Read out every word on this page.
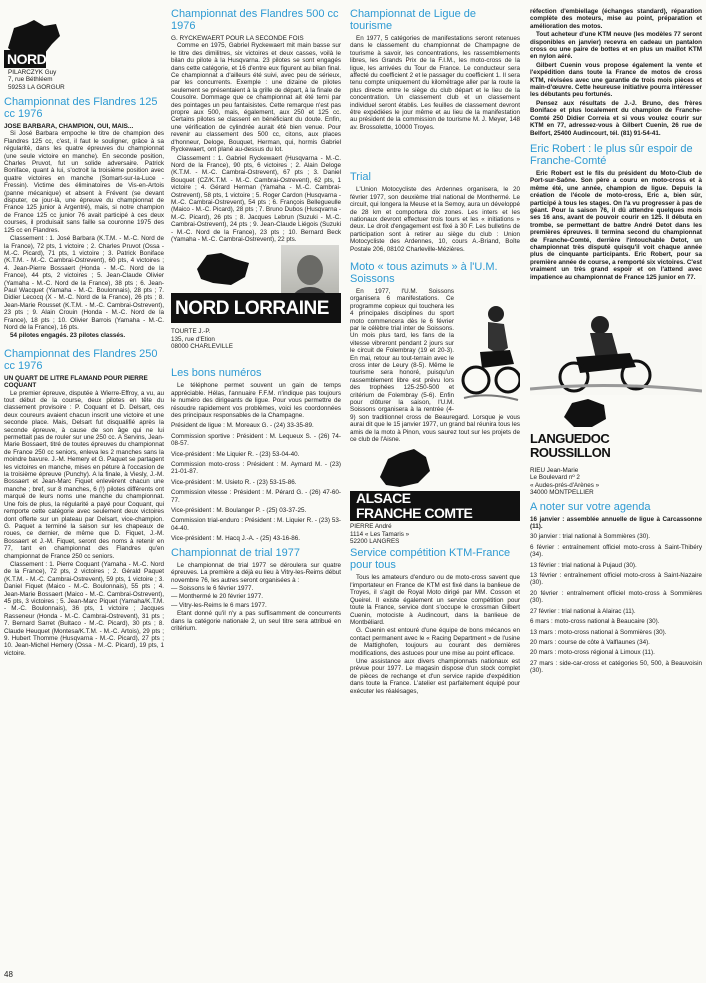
NORD
PILARCZYK Guy
7, rue Béthléem
59253 LA GORGUR
Championnat des Flandres 125 cc 1976
JOSE BARBARA, CHAMPION, OUI, MAIS...

Si José Barbara empoche le titre de champion des Flandres 125 cc, c'est, il faut le souligner, grâce à sa régularité, dans les quatre épreuves du championnat (une seule victoire en manche). En seconde position, Charles Pruvot, fut un solide adversaire. Patrick Boniface, quant à lui, s'octroit la troisième position avec quatre victoires en manche (Somart-sur-la-Luce - Fressin). Victime des éliminatoires de Vis-en-Artois (panne mécanique) et absent à Frévent (se devant disputer, ce jour-là, une épreuve du championnat de France 125 junior à Argentré), mais, si notre champion de France 125 cc junior 76 avait participé à ces deux courses, il produisait sans faille sa couronne 1975 des 125 cc en Flandres.

Classement : 1. José Barbara (K.T.M. - M.-C. Nord de la France), 72 pts, 1 victoire ; 2. Charles Pruvot (Ossa - M.-C. Picard), 71 pts, 1 victoire ; 3. Patrick Boniface (K.T.M. - M.-C. Cambrai-Ostrevent), 60 pts, 4 victoires ; 4. Jean-Pierre Bossaert (Honda - M.-C. Nord de la France), 44 pts, 2 victoires ; 5. Jean-Claude Olivier (Yamaha - M.-C. Nord de la France), 38 pts ; 6. Jean-Paul Wacquet (Yamaha - M.-C. Boulonnais), 28 pts ; 7. Didier Lecocq (X - M.-C. Nord de la France), 26 pts ; 8. Jean-Marie Rousset (K.T.M. - M.-C. Cambrai-Ostrevent), 23 pts ; 9. Alain Crouin (Honda - M.-C. Nord de la France), 18 pts ; 10. Olivier Barrois (Yamaha - M.-C. Nord de la France), 16 pts.

54 pilotes engagés. 23 pilotes classés.

Championnat des Flandres 250 cc 1976
UN QUART DE LITRE FLAMAND POUR PIERRE COQUANT

Le premier épreuve, disputée à Wierre-Effroy, a vu, au tout début de la course, deux pilotes en tête du classement provisoire : P. Coquant et D. Delsart, ces deux coureurs avaient chacun inscrit une victoire et une seconde place. Mais, Delsart fut disqualifié après la seconde épreuve, à cause de son âge qui ne lui permettait pas de rouler sur une 250 cc. A Servins, Jean-Marie Bossaert, titré de toutes épreuves du championnat de France 250 cc seniors, enleva les 2 manches sans la moindre bavure. J.-M. Hemery et G. Paquet se partagent les victoires en manche, mises en péture à l'occasion de la troisième épreuve (Punchy). A la finale, à Viesly, J.-M. Bossaert et Jean-Marc Fiquet enlevèrent chacun une manche ; bref, sur 8 manches, 6 (!) pilotes différents ont marqué de leurs noms une manche du championnat. Une fois de plus, la régularité a payé pour Coquant, qui remporte cette catégorie avec seulement deux victoires dont offerte sur un plateau par Delsart, vice-champion. G. Paquet a terminé la saison sur les chapeaux de roues, ce dernier, de même que D. Fiquet, J.-M. Bossaert et J.-M. Fiquet, seront des noms à retenir en 77, tant en championnat des Flandres qu'en championnat de France 250 cc seniors.

Classement : 1. Pierre Coquant (Yamaha - M.-C. Nord de la France), 72 pts, 2 victoires ; 2. Gérald Paquet (K.T.M. - M.-C. Cambrai-Ostrevent), 59 pts, 1 victoire ; 3. Daniel Fiquet (Maico - M.-C. Boulonnais), 55 pts ; 4. Jean-Marie Bossaert (Maico - M.-C. Cambrai-Ostrevent), 45 pts, 3 victoires ; 5. Jean-Marc Piquet (Yamaha/K.T.M. - M.-C. Boulonnais), 36 pts, 1 victoire ; Jacques Rasseneur (Honda - M.-C. Cambrai-Ostrevent), 31 pts ; 7. Bernard Sarret (Bultaco - M.-C. Picard), 30 pts ; 8. Claude Heuquet (Montesa/K.T.M. - M.-C. Artois), 29 pts ; 9. Hubert Thomme (Husqvarna - M.-C. Picard), 27 pts ; 10. Jean-Michel Hemery (Ossa - M.-C. Picard), 19 pts, 1 victoire.

Championnat des Flandres 500 cc 1976
G. RYCKEWAERT POUR LA SECONDE FOIS

Comme en 1975, Gabriel Ryckewaert mit main basse sur le titre des dimilitres, six victoires et deux casses, voilà le bilan du pilote à la Husqvarna. 23 pilotes se sont engagés dans cette catégorie, et 16 d'entre eux figurent au bilan final. Ce championnat a d'ailleurs été suivi, avec peu de sérieux, par les concurrents. Exemple : une dizaine de pilotes seulement se présentaient à la grille de départ, à la finale de Cousolre. Dommage que ce championnat ait été terni par des pointages un peu fantaisistes. Cette remarque n'est pas propre aux 500, mais, également, aux 250 et 125 cc. Certains pilotes se classent en bénéficiant du doute. Enfin, une vérification de cylindrée aurait été bien venue. Pour revenir au classement des 500 cc, citons, aux places d'honneur, Deloge, Bouquet, Herman, qui, hormis Gabriel Ryckewaert, ont plané au-dessus du lot.

Classement : 1. Gabriel Ryckewaert (Husqvarna - M.-C. Nord de la France), 90 pts, 6 victoires ; 2. Alain Deloge (K.T.M. - M.-C. Cambrai-Ostrevent), 67 pts ; 3. Daniel Bouquet (CZ/K.T.M. - M.-C. Cambrai-Ostrevent), 62 pts, 1 victoire ; 4. Gérard Herman (Yamaha - M.-C. Cambrai-Ostrevent), 58 pts, 1 victoire ; 5. Roger Cardon (Husqvarna - M.-C. Cambrai-Ostrevent), 54 pts ; 6. François Bellegueulle (Maico - M.-C. Picard), 28 pts ; 7. Bruno Dubos (Husqvarna - M.-C. Picard), 26 pts ; 8. Jacques Lebrun (Suzuki - M.-C. Cambrai-Ostrevent), 24 pts ; 9. Jean-Claude Liégois (Suzuki - M.-C. Nord de la France), 23 pts ; 10. Bernard Beck (Yamaha - M.-C. Cambrai-Ostrevent), 22 pts.

NORD LORRAINE
TOURTE J.-P.
135, rue d'Etion
08000 CHARLEVILLE
Les bons numéros

Le téléphone permet souvent un gain de temps appréciable. Hélas, l'annuaire F.F.M. n'indique pas toujours le numéro des dirigeants de ligue. Pour vous permettre de résoudre rapidement vos problèmes, voici les coordonnées des principaux responsables de la Champagne.

Président de ligue : M. Moreaux G. - (24) 33-35-89.

Commission sportive : Président : M. Lequeux S. - (26) 74-08-57.

Vice-président : Me Liquier R. - (23) 53-04-40.

Commission moto-cross : Président : M. Aymard M. - (23) 21-01-87.

Vice-président : M. Usieto R. - (23) 53-15-86.

Commission vitesse : Président : M. Pérard G. - (26) 47-60-77.

Vice-président : M. Boulanger P. - (25) 03-37-25.

Commission trial-enduro : Président : M. Liquier R. - (23) 53-04-40.

Vice-président : M. Hacq J.-A. - (25) 43-16-86.

Championnat de trial 1977

Le championnat de trial 1977 se déroulera sur quatre épreuves. La première a déjà eu lieu à Vitry-les-Reims début novembre 76, les autres seront organisées à :

— Soissons le 6 février 1977.

— Monthermé le 20 février 1977.

— Vitry-les-Reims le 6 mars 1977.

Etant donné qu'il n'y a pas suffisamment de concurrents dans la catégorie nationale 2, un seul titre sera attribué en critérium.

Championnat de Ligue de tourisme

En 1977, 5 catégories de manifestations seront retenues dans le classement du championnat de Champagne de tourisme à savoir, les concentrations, les rassemblements libres, les Grands Prix de la F.I.M., les moto-cross de la ligue, les arrivées du Tour de France. Le conducteur sera affecté du coefficient 2 et le passager du coefficient 1. Il sera tenu compte uniquement du kilométrage aller par la route la plus directe entre le siège du club départ et le lieu de la concentration. Un classement club et un classement individuel seront établis. Les feuilles de classement devront être expédiées le jour même et au lieu de la manifestation au président de la commission de tourisme M. J. Meyer, 148 av. Brossolette, 10000 Troyes.

Trial

L'Union Motocycliste des Ardennes organisera, le 20 février 1977, son deuxième trial national de Monthermé. Le circuit, qui longera la Meuse et la Semoy, aura un développé de 28 km et comportera dix zones. Les inters et les nationaux devront effectuer trois tours et les « initiations » deux. Le droit d'engagement est fixé à 30 F. Les bulletins de participation sont à retirer au siège du club : Union Motocycliste des Ardennes, 10, cours A.-Briand, Boîte Postale 206, 08102 Charleville-Mézières.

Moto « tous azimuts » à l'U.M. Soissons

En 1977, l'U.M. Soissons organisera 6 manifestations. Ce programme copieux qui touchera les 4 principales disciplines du sport moto commencera dès le 6 février par le célèbre trial inter de Soissons. Un mois plus tard, les fans de la vitesse vibreront pendant 2 jours sur le circuit de Folembray (19 et 20-3). En mai, retour au tout-terrain avec le cross inter de Leury (8-5). Même le tourisme sera honoré, puisqu'un rassemblement libre est prévu lors des trophées 125-250-500 et critérium de Folembray (5-6). Enfin pour clôturer la saison, l'U.M. Soissons organisera à la rentrée (4-9) son traditionnel cross de Beauregard. Lorsque je vous aurai dit que le 15 janvier 1977, un grand bal réunira tous les amis de la moto à Pinon, vous saurez tout sur les projets de ce club de l'Aisne.

ALSACE
FRANCHE COMTE
PIERRE André
1114 « Les Tamaris »
52200 LANGRES
Service compétition KTM-France pour tous

Tous les amateurs d'enduro ou de moto-cross savent que l'importateur en France de KTM est fixé dans la banlieue de Troyes, il s'agit de Royal Moto dirigé par MM. Cosson et Queirel. Il existe également un service compétition pour toute la France, service dont s'occupe le crossman Gilbert Cuenin, motociste à Audincourt, dans la banlieue de Montbéliard.

G. Cuenin est entouré d'une équipe de bons mécanos en contact permanent avec le « Racing Department » de l'usine de Mattighofen, toujours au courant des dernières modifications, des astuces pour une mise au point efficace.

Une assistance aux divers championnats nationaux est prévue pour 1977. Le magasin dispose d'un stock complet de pièces de rechange et d'un service rapide d'expédition dans toute la France. L'atelier est parfaitement équipé pour exécuter les réalésages,

réfection d'embiellage (échanges standard), réparation complète des moteurs, mise au point, préparation et amélioration des motos.

Tout acheteur d'une KTM neuve (les modèles 77 seront disponibles en janvier) recevra en cadeau un pantalon cross ou une paire de bottes et en plus un maillot KTM en nylon aéré.

Gilbert Cuenin vous propose également la vente et l'expédition dans toute la France de motos de cross KTM, révisées avec une garantie de trois mois pièces et main-d'œuvre. Cette heureuse initiative pourra intéresser les débutants peu fortunés.

Pensez aux résultats de J.-J. Bruno, des frères Boniface et plus localement du champion de Franche-Comté 250 Didier Correia et si vous voulez courir sur KTM en 77, adressez-vous à Gilbert Cuenin, 26 rue de Belfort, 25400 Audincourt, tél. (81) 91-54-41.

Eric Robert : le plus sûr espoir de Franche-Comté

Eric Robert est le fils du président du Moto-Club de Port-sur-Saône. Son père a couru en moto-cross et à même été, une année, champion de ligue. Depuis la création de l'école de moto-cross, Eric a, bien sûr, participé à tous les stages. On l'a vu progresser à pas de géant. Pour la saison 76, il dû attendre quelques mois ses 16 ans, avant de pouvoir courir en 125. Il débuta en trombe, se permettant de battre André Detot dans les premières épreuves. Il termina second du championnat de Franche-Comté, derrière l'intouchable Detot, un championnat très disputé quisqu'il voit chaque année plus de cinquante participants. Eric Robert, pour sa première année de course, a remporté six victoires. C'est vraiment un très grand espoir et on l'attend avec impatience au championnat de France 125 junior en 77.

LANGUEDOC
ROUSSILLON
RIEU Jean-Marie
Le Boulevard nº 2
« Audes-prés-d'Arènes »
34000 MONTPELLIER
A noter sur votre agenda

16 janvier : assemblée annuelle de ligue à Carcassonne (11).

30 janvier : trial national à Sommières (30).

6 février : entraînement officiel moto-cross à Saint-Thibéry (34).

13 février : trial national à Pujaud (30).

13 février : entraînement officiel moto-cross à Saint-Nazaire (30).

20 février : entraînement officiel moto-cross à Sommières (30).

27 février : trial national à Alairac (11).

6 mars : moto-cross national à Beaucaire (30).

13 mars : moto-cross national à Sommières (30).

20 mars : course de côte à Valflaunes (34).

20 mars : moto-cross régional à Limoux (11).

27 mars : side-car-cross et catégories 50, 500, à Beauvoisin (30).

48
